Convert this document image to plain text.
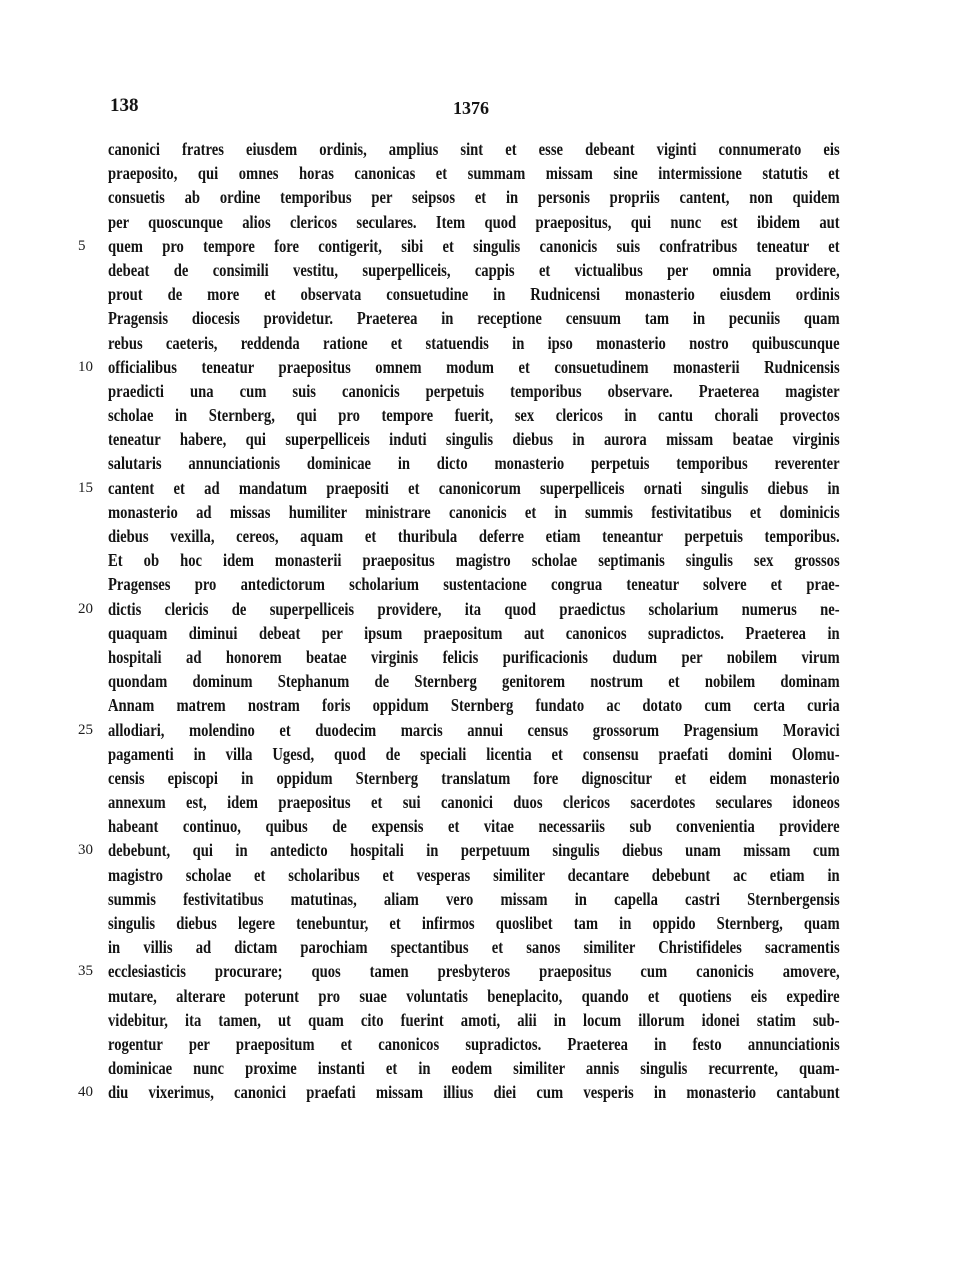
138	1376
canonici fratres eiusdem ordinis, amplius sint et esse debeant viginti connumerato eis
praeposito, qui omnes horas canonicas et summam missam sine intermissione statutis et
consuetis ab ordine temporibus per seipsos et in personis propriis cantent, non quidem
per quoscunque alios clericos seculares. Item quod praepositus, qui nunc est ibidem aut
5	quem pro tempore fore contigerit, sibi et singulis canonicis suis confratribus teneatur et
debeat de consimili vestitu, superpelliceis, cappis et victualibus per omnia providere,
prout de more et observata consuetudine in Rudnicensi monasterio eiusdem ordinis
Pragensis diocesis providetur. Praeterea in receptione censuum tam in pecuniis quam
rebus caeteris, reddenda ratione et statuendis in ipso monasterio nostro quibuscunque
10 officialibus teneatur praepositus omnem modum et consuetudinem monasterii Rudnicensis
praedicti una cum suis canonicis perpetuis temporibus observare. Praeterea magister
scholae in Sternberg, qui pro tempore fuerit, sex clericos in cantu chorali provectos
teneatur habere, qui superpelliceis induti singulis diebus in aurora missam beatae virginis
salutaris annunciationis dominicae in dicto monasterio perpetuis temporibus reverenter
15 cantent et ad mandatum praepositi et canonicorum superpelliceis ornati singulis diebus in
monasterio ad missas humiliter ministrare canonicis et in summis festivitatibus et dominicis
diebus vexilla, cereos, aquam et thuribula deferre etiam teneantur perpetuis temporibus.
Et ob hoc idem monasterii praepositus magistro scholae septimanis singulis sex grossos
Pragenses pro antedictorum scholarium sustentacione congrua teneatur solvere et prae-
20 dictis clericis de superpelliceis providere, ita quod praedictus scholarium numerus ne-
quaquam diminui debeat per ipsum praepositum aut canonicos supradictos. Praeterea in
hospitali ad honorem beatae virginis felicis purificacionis dudum per nobilem virum
quondam dominum Stephanum de Sternberg genitorem nostrum et nobilem dominam
Annam matrem nostram foris oppidum Sternberg fundato ac dotato cum certa curia
25 allodiari, molendino et duodecim marcis annui census grossorum Pragensium Moravici
pagamenti in villa Ugesd, quod de speciali licentia et consensu praefati domini Olomu-
censis episcopi in oppidum Sternberg translatum fore dignoscitur et eidem monasterio
annexum est, idem praepositus et sui canonici duos clericos sacerdotes seculares idoneos
habeant continuo, quibus de expensis et vitae necessariis sub convenientia providere
30 debebunt, qui in antedicto hospitali in perpetuum singulis diebus unam missam cum
magistro scholae et scholaribus et vesperas similiter decantare debebunt ac etiam in
summis festivitatibus matutinas, aliam vero missam in capella castri Sternbergensis
singulis diebus legere tenebuntur, et infirmos quoslibet tam in oppido Sternberg, quam
in villis ad dictam parochiam spectantibus et sanos similiter Christifideles sacramentis
35 ecclesiasticis procurare; quos tamen presbyteros praepositus cum canonicis amovere,
mutare, alterare poterunt pro suae voluntatis beneplacito, quando et quotiens eis expedire
videbitur, ita tamen, ut quam cito fuerint amoti, alii in locum illorum idonei statim sub-
rogentur per praepositum et canonicos supradictos. Praeterea in festo annunciationis
dominicae nunc proxime instanti et in eodem similiter annis singulis recurrente, quam-
40 diu vixerimus, canonici praefati missam illius diei cum vesperis in monasterio cantabunt
